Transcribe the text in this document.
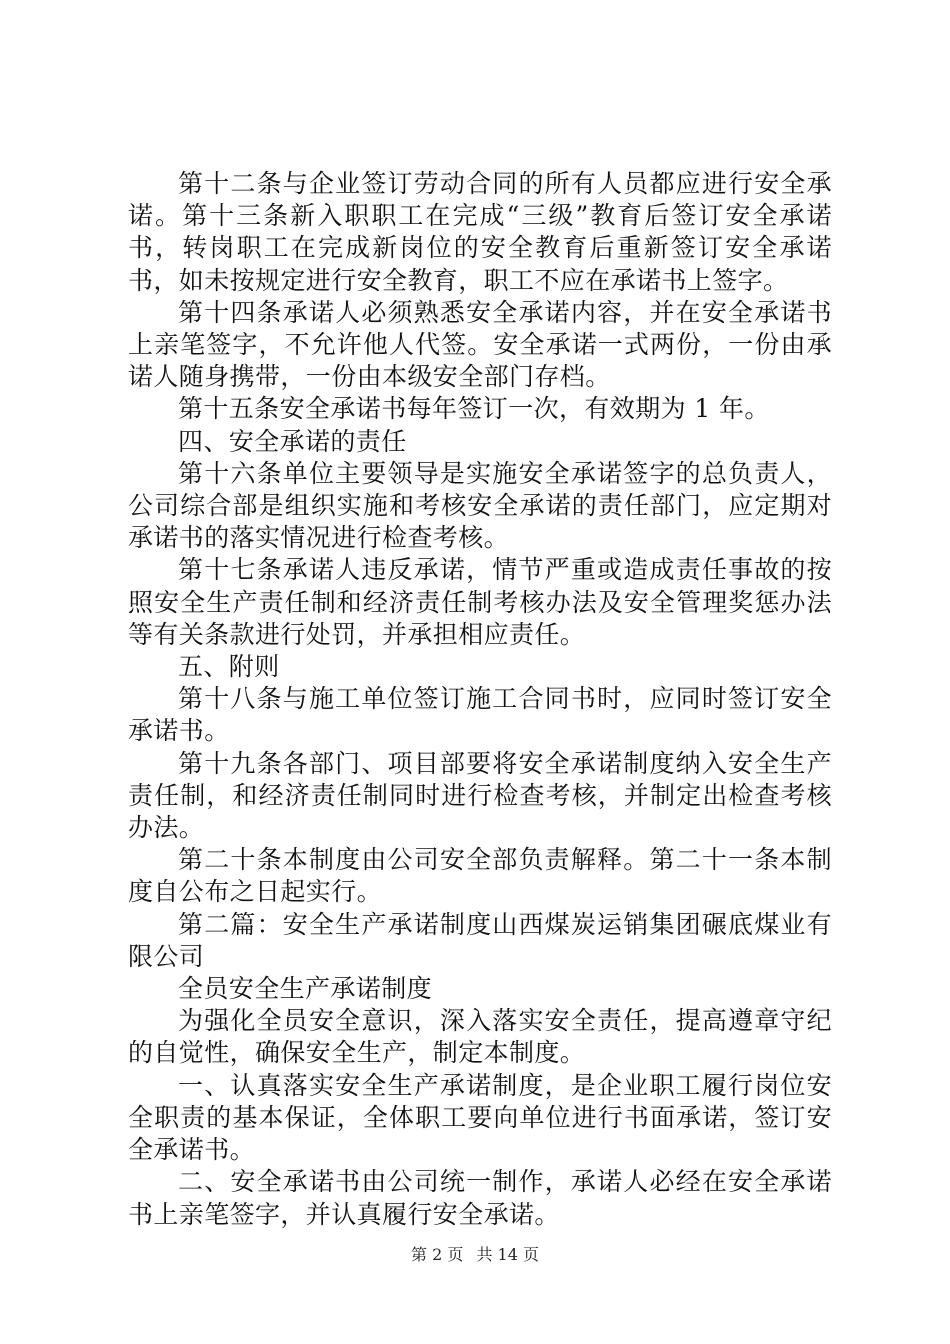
第十二条与企业签订劳动合同的所有人员都应进行安全承诺。第十三条新入职职工在完成“三级”教育后签订安全承诺书，转岗职工在完成新岗位的安全教育后重新签订安全承诺书，如未按规定进行安全教育，职工不应在承诺书上签字。

第十四条承诺人必须熟悉安全承诺内容，并在安全承诺书上亲笔签字，不允许他人代签。安全承诺一式两份，一份由承诺人随身携带，一份由本级安全部门存档。

第十五条安全承诺书每年签订一次，有效期为 1 年。

四、安全承诺的责任

第十六条单位主要领导是实施安全承诺签字的总负责人，公司综合部是组织实施和考核安全承诺的责任部门，应定期对承诺书的落实情况进行检查考核。

第十七条承诺人违反承诺，情节严重或造成责任事故的按照安全生产责任制和经济责任制考核办法及安全管理奖惩办法等有关条款进行处罚，并承担相应责任。

五、附则

第十八条与施工单位签订施工合同书时，应同时签订安全承诺书。

第十九条各部门、项目部要将安全承诺制度纳入安全生产责任制，和经济责任制同时进行检查考核，并制定出检查考核办法。

第二十条本制度由公司安全部负责解释。第二十一条本制度自公布之日起实行。

第二篇：安全生产承诺制度山西煤炭运销集团碾底煤业有限公司

全员安全生产承诺制度

为强化全员安全意识，深入落实安全责任，提高遵章守纪的自觉性，确保安全生产，制定本制度。

一、认真落实安全生产承诺制度，是企业职工履行岗位安全职责的基本保证，全体职工要向单位进行书面承诺，签订安全承诺书。

二、安全承诺书由公司统一制作，承诺人必经在安全承诺书上亲笔签字，并认真履行安全承诺。

第 2 页 共 14 页
